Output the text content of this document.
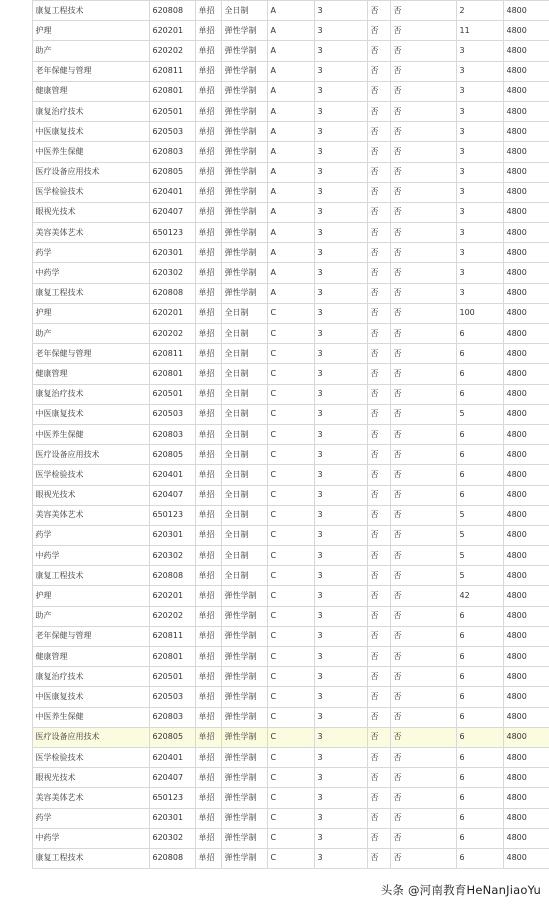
	康复工程技术	620808	单招	全日制	A	3	否	否	2	4800
	护理	620201	单招	弹性学制	A	3	否	否	11	4800
	助产	620202	单招	弹性学制	A	3	否	否	3	4800
	老年保健与管理	620811	单招	弹性学制	A	3	否	否	3	4800
	健康管理	620801	单招	弹性学制	A	3	否	否	3	4800
	康复治疗技术	620501	单招	弹性学制	A	3	否	否	3	4800
	中医康复技术	620503	单招	弹性学制	A	3	否	否	3	4800
	中医养生保健	620803	单招	弹性学制	A	3	否	否	3	4800
	医疗设备应用技术	620805	单招	弹性学制	A	3	否	否	3	4800
	医学检验技术	620401	单招	弹性学制	A	3	否	否	3	4800
	眼视光技术	620407	单招	弹性学制	A	3	否	否	3	4800
	美容美体艺术	650123	单招	弹性学制	A	3	否	否	3	4800
	药学	620301	单招	弹性学制	A	3	否	否	3	4800
	中药学	620302	单招	弹性学制	A	3	否	否	3	4800
	康复工程技术	620808	单招	弹性学制	A	3	否	否	3	4800
	护理	620201	单招	全日制	C	3	否	否	100	4800
	助产	620202	单招	全日制	C	3	否	否	6	4800
	老年保健与管理	620811	单招	全日制	C	3	否	否	6	4800
	健康管理	620801	单招	全日制	C	3	否	否	6	4800
	康复治疗技术	620501	单招	全日制	C	3	否	否	6	4800
	中医康复技术	620503	单招	全日制	C	3	否	否	5	4800
	中医养生保健	620803	单招	全日制	C	3	否	否	6	4800
	医疗设备应用技术	620805	单招	全日制	C	3	否	否	6	4800
	医学检验技术	620401	单招	全日制	C	3	否	否	6	4800
	眼视光技术	620407	单招	全日制	C	3	否	否	6	4800
	美容美体艺术	650123	单招	全日制	C	3	否	否	5	4800
	药学	620301	单招	全日制	C	3	否	否	5	4800
	中药学	620302	单招	全日制	C	3	否	否	5	4800
	康复工程技术	620808	单招	全日制	C	3	否	否	5	4800
	护理	620201	单招	弹性学制	C	3	否	否	42	4800
	助产	620202	单招	弹性学制	C	3	否	否	6	4800
	老年保健与管理	620811	单招	弹性学制	C	3	否	否	6	4800
	健康管理	620801	单招	弹性学制	C	3	否	否	6	4800
	康复治疗技术	620501	单招	弹性学制	C	3	否	否	6	4800
	中医康复技术	620503	单招	弹性学制	C	3	否	否	6	4800
	中医养生保健	620803	单招	弹性学制	C	3	否	否	6	4800
	医疗设备应用技术	620805	单招	弹性学制	C	3	否	否	6	4800
	医学检验技术	620401	单招	弹性学制	C	3	否	否	6	4800
	眼视光技术	620407	单招	弹性学制	C	3	否	否	6	4800
	美容美体艺术	650123	单招	弹性学制	C	3	否	否	6	4800
	药学	620301	单招	弹性学制	C	3	否	否	6	4800
	中药学	620302	单招	弹性学制	C	3	否	否	6	4800
	康复工程技术	620808	单招	弹性学制	C	3	否	否	6	4800
头条 @河南教育HeNanJiaoYu
